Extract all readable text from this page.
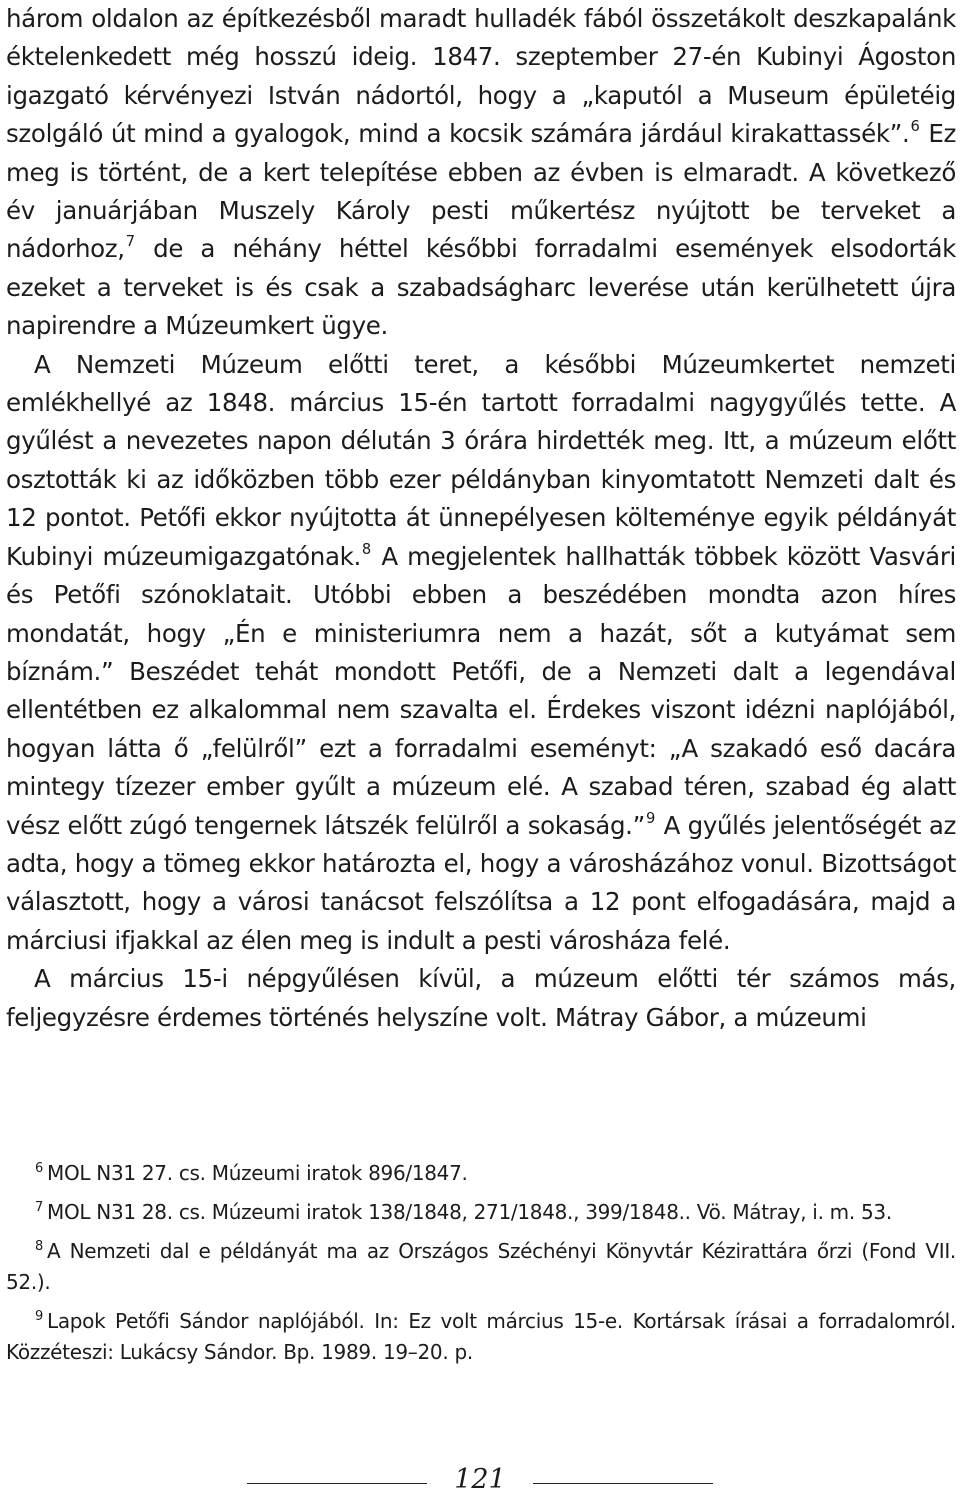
három oldalon az építkezésből maradt hulladék fából összetákolt deszkapalánk éktelenkedett még hosszú ideig. 1847. szeptember 27-én Kubinyi Ágoston igazgató kérvényezi István nádortól, hogy a „kaputól a Museum épületéig szolgáló út mind a gyalogok, mind a kocsik számára járdául kirakattassék”.$^6$ Ez meg is történt, de a kert telepítése ebben az évben is elmaradt. A következő év januárjában Muszely Károly pesti műkertész nyújtott be terveket a nádorhoz,$^7$ de a néhány héttel későbbi forradalmi események elsodorták ezeket a terveket is és csak a szabadságharc leverése után kerülhetett újra napirendre a Múzeumkert ügye.

A Nemzeti Múzeum előtti teret, a későbbi Múzeumkertet nemzeti emlékhellyé az 1848. március 15-én tartott forradalmi nagygyűlés tette. A gyűlést a nevezetes napon délután 3 órára hirdették meg. Itt, a múzeum előtt osztották ki az időközben több ezer példányban kinyomtatott Nemzeti dalt és 12 pontot. Petőfi ekkor nyújtotta át ünnepélyesen költeménye egyik példányát Kubinyi múzeumigazgatónak.$^8$ A megjelentek hallhatták többek között Vasvári és Petőfi szónoklatait. Utóbbi ebben a beszédében mondta azon híres mondatát, hogy „Én e ministeriumra nem a hazát, sőt a kutyámat sem bíznám.” Beszédet tehát mondott Petőfi, de a Nemzeti dalt a legendával ellentétben ez alkalommal nem szavalta el. Érdekes viszont idézni naplójából, hogyan látta ő „felülről” ezt a forradalmi eseményt: „A szakadó eső dacára mintegy tízezer ember gyűlt a múzeum elé. A szabad téren, szabad ég alatt vész előtt zúgó tengernek látszék felülről a sokaság.”$^9$ A gyűlés jelentőségét az adta, hogy a tömeg ekkor határozta el, hogy a városházához vonul. Bizottságot választott, hogy a városi tanácsot felszólítsa a 12 pont elfogadására, majd a márciusi ifjakkal az élen meg is indult a pesti városháza felé.

A március 15-i népgyűlésen kívül, a múzeum előtti tér számos más, feljegyzésre érdemes történés helyszíne volt. Mátray Gábor, a múzeumi

$^6$ MOL N31 27. cs. Múzeumi iratok 896/1847.

$^7$ MOL N31 28. cs. Múzeumi iratok 138/1848, 271/1848., 399/1848.. Vö. Mátray, i. m. 53.

$^8$ A Nemzeti dal e példányát ma az Országos Széchényi Könyvtár Kézirattára őrzi (Fond VII. 52.).

$^9$ Lapok Petőfi Sándor naplójából. In: Ez volt március 15-e. Kortársak írásai a forradalomról. Közzéteszi: Lukácsy Sándor. Bp. 1989. 19–20. p.

121
